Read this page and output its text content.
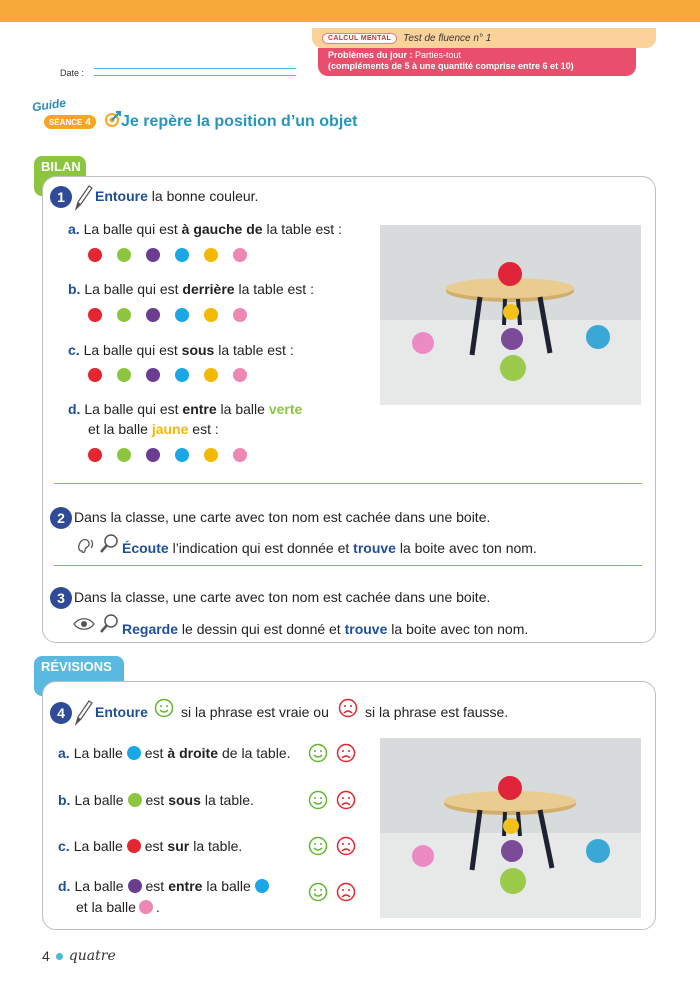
CALCUL MENTAL	Test de fluence n° 1
Problèmes du jour : Parties-tout
(compléments de 5 à une quantité comprise entre 6 et 10)
Date :
Guide
SÉANCE 4 Je repère la position d’un objet
BILAN
1	Entoure la bonne couleur.
a. La balle qui est à gauche de la table est :
b. La balle qui est derrière la table est :
c. La balle qui est sous la table est :
d. La balle qui est entre la balle verte
et la balle jaune est :
2 Dans la classe, une carte avec ton nom est cachée dans une boite.
Écoute l’indication qui est donnée et trouve la boite avec ton nom.
3 Dans la classe, une carte avec ton nom est cachée dans une boite.
Regarde le dessin qui est donné et trouve la boite avec ton nom.
RÉVISIONS
4	Entoure si la phrase est vraie ou	si la phrase est fausse.
a. La balle est à droite de la table.
b. La balle est sous la table.
c. La balle est sur la table.
d. La balle est entre la balle
et la balle .
4 quatre
